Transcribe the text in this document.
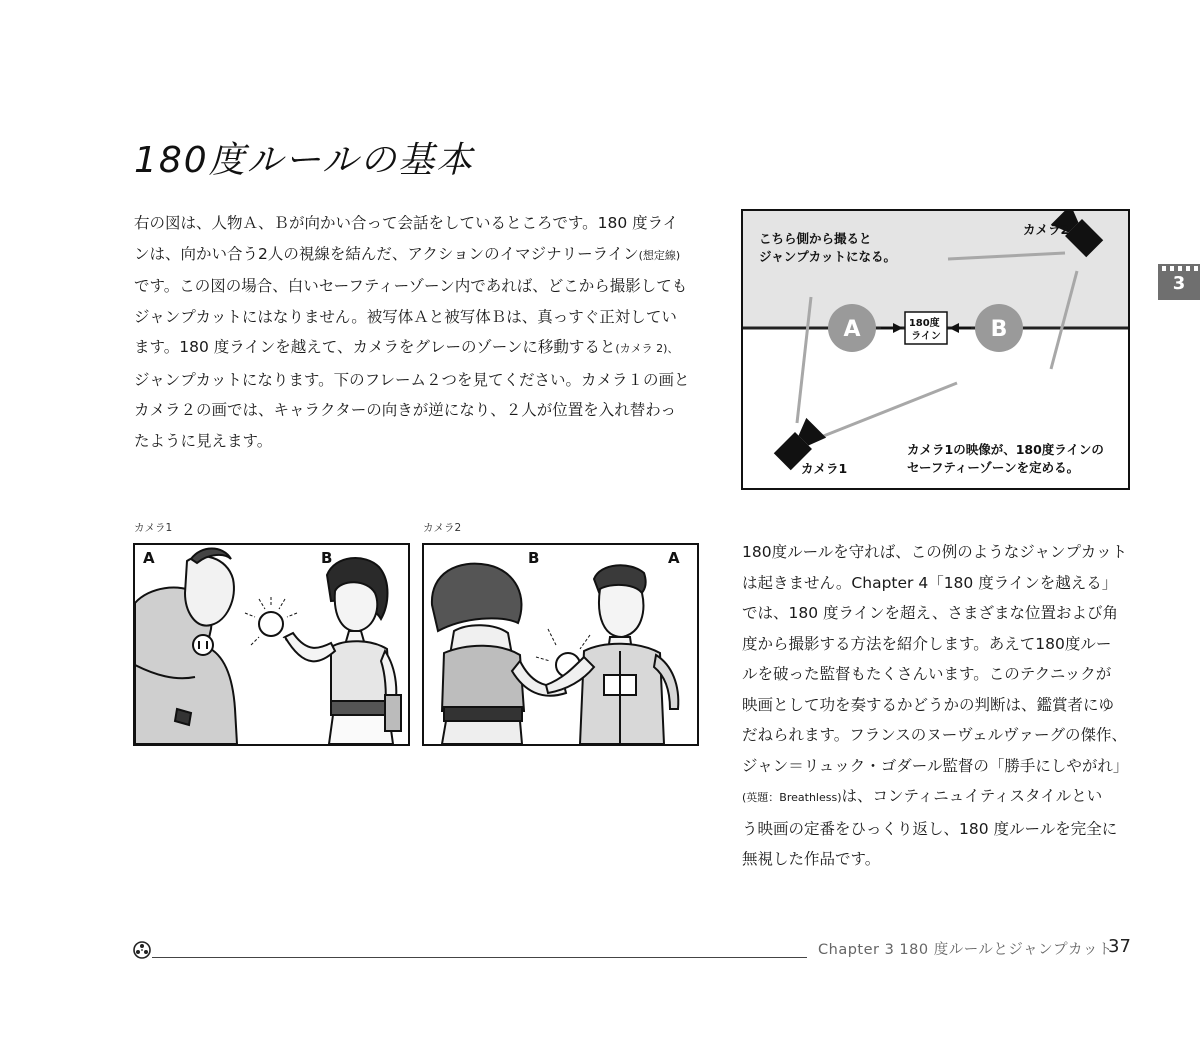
180度ルールの基本
右の図は、人物Ａ、Ｂが向かい合って会話をしているところです。180 度ライ
ンは、向かい合う2人の視線を結んだ、アクションのイマジナリーライン(想定線)
です。この図の場合、白いセーフティーゾーン内であれば、どこから撮影しても
ジャンプカットにはなりません。被写体Ａと被写体Ｂは、真っすぐ正対してい
ます。180 度ラインを越えて、カメラをグレーのゾーンに移動すると(カメラ 2)、
ジャンプカットになります。下のフレーム２つを見てください。カメラ１の画と
カメラ２の画では、キャラクターの向きが逆になり、２人が位置を入れ替わっ
たように見えます。
こちら側から撮ると ジャンプカットになる。
カメラ2
カメラ1
A	B
180度 ライン
カメラ1の映像が、180度ラインの セーフティーゾーンを定める。
カメラ1	カメラ2
A	B	B	A	180度ルールを守れば、この例のようなジャンプカット
は起きません。Chapter 4「180 度ラインを越える」
では、180 度ラインを超え、さまざまな位置および角
度から撮影する方法を紹介します。あえて180度ルー
ルを破った監督もたくさんいます。このテクニックが
映画として功を奏するかどうかの判断は、鑑賞者にゆ
だねられます。フランスのヌーヴェルヴァーグの傑作、
ジャン＝リュック・ゴダール監督の「勝手にしやがれ」
(英題：Breathless)は、コンティニュイティスタイルとい
う映画の定番をひっくり返し、180 度ルールを完全に
無視した作品です。
3
Chapter 3 180 度ルールとジャンプカット
37
